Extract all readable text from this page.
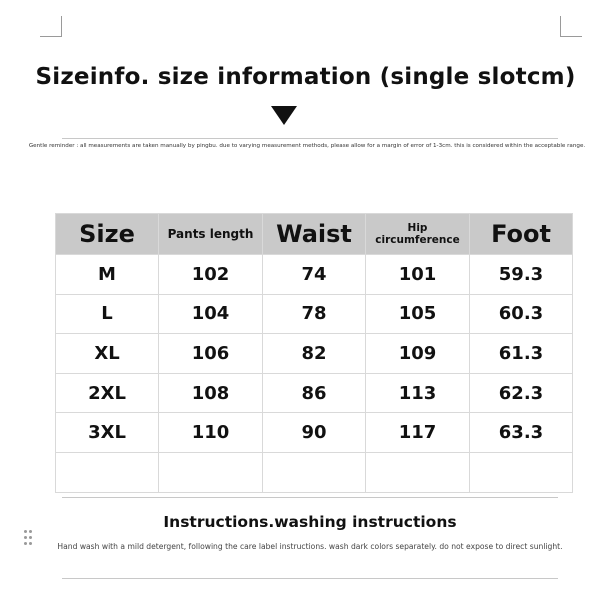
Sizeinfo. size information (single slotcm)
Gentle reminder : all measurements are taken manually by pingbu. due to varying measurement methods, please allow for a margin of error of 1-3cm. this is considered within the acceptable range.
Size	Pants length	Waist	Hip circumference	Foot
M	102	74	101	59.3
L	104	78	105	60.3
XL	106	82	109	61.3
2XL	108	86	113	62.3
3XL	110	90	117	63.3

Instructions.washing instructions
Hand wash with a mild detergent, following the care label instructions. wash dark colors separately. do not expose to direct sunlight.
